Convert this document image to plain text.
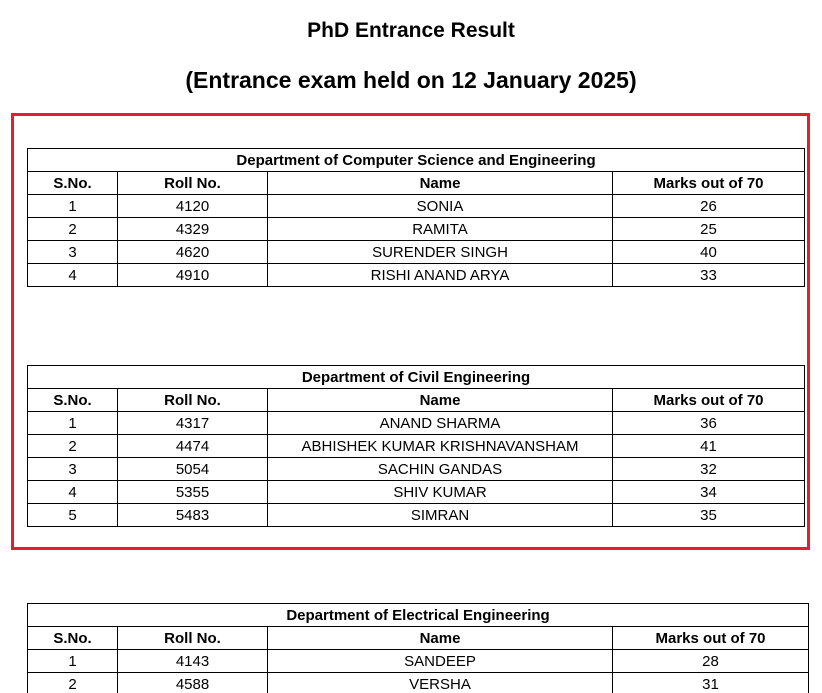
PhD Entrance Result
(Entrance exam held on 12 January 2025)
Department of Computer Science and Engineering			
S.No.	Roll No.	Name	Marks out of 70
1	4120	SONIA	26
2	4329	RAMITA	25
3	4620	SURENDER SINGH	40
4	4910	RISHI ANAND ARYA	33
Department of Civil Engineering			
S.No.	Roll No.	Name	Marks out of 70
1	4317	ANAND SHARMA	36
2	4474	ABHISHEK KUMAR KRISHNAVANSHAM	41
3	5054	SACHIN GANDAS	32
4	5355	SHIV KUMAR	34
5	5483	SIMRAN	35
Department of Electrical Engineering			
S.No.	Roll No.	Name	Marks out of 70
1	4143	SANDEEP	28
2	4588	VERSHA	31
